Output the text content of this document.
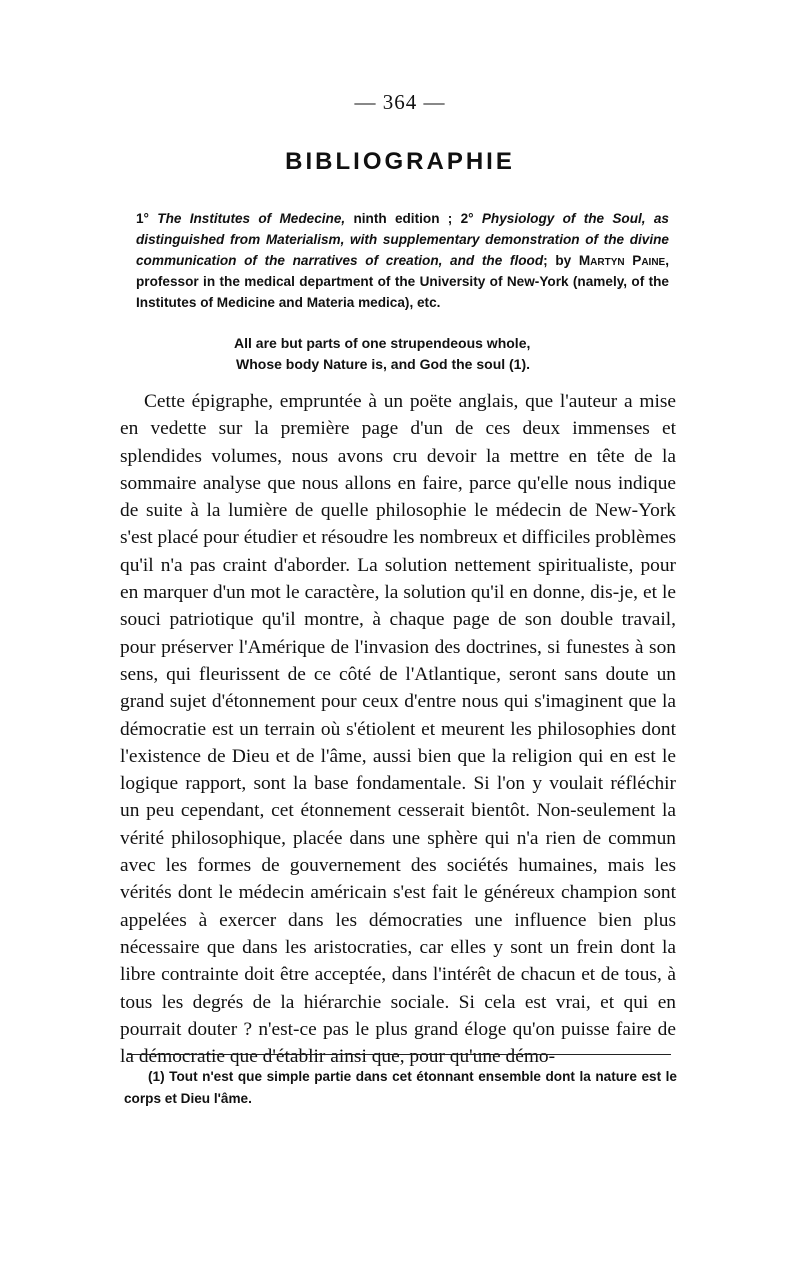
— 364 —
BIBLIOGRAPHIE

1° The Institutes of Medecine, ninth edition ; 2° Physiology of the Soul, as distinguished from Materialism, with supplementary demonstration of the divine communication of the narratives of creation, and the flood; by Martyn Paine, professor in the medical department of the University of New-York (namely, of the Institutes of Medicine and Materia medica), etc.

All are but parts of one strupendeous whole,
Whose body Nature is, and God the soul (1).

Cette épigraphe, empruntée à un poëte anglais, que l'auteur a mise en vedette sur la première page d'un de ces deux immenses et splendides volumes, nous avons cru devoir la mettre en tête de la sommaire analyse que nous allons en faire, parce qu'elle nous indique de suite à la lumière de quelle philosophie le médecin de New-York s'est placé pour étudier et résoudre les nombreux et difficiles problèmes qu'il n'a pas craint d'aborder. La solution nettement spiritualiste, pour en marquer d'un mot le caractère, la solution qu'il en donne, dis-je, et le souci patriotique qu'il montre, à chaque page de son double travail, pour préserver l'Amérique de l'invasion des doctrines, si funestes à son sens, qui fleurissent de ce côté de l'Atlantique, seront sans doute un grand sujet d'étonnement pour ceux d'entre nous qui s'imaginent que la démocratie est un terrain où s'étiolent et meurent les philosophies dont l'existence de Dieu et de l'âme, aussi bien que la religion qui en est le logique rapport, sont la base fondamentale. Si l'on y voulait réfléchir un peu cependant, cet étonnement cesserait bientôt. Non-seulement la vérité philosophique, placée dans une sphère qui n'a rien de commun avec les formes de gouvernement des sociétés humaines, mais les vérités dont le médecin américain s'est fait le généreux champion sont appelées à exercer dans les démocraties une influence bien plus nécessaire que dans les aristocraties, car elles y sont un frein dont la libre contrainte doit être acceptée, dans l'intérêt de chacun et de tous, à tous les degrés de la hiérarchie sociale. Si cela est vrai, et qui en pourrait douter ? n'est-ce pas le plus grand éloge qu'on puisse faire de la démocratie que d'établir ainsi que, pour qu'une démo-

(1) Tout n'est que simple partie dans cet étonnant ensemble dont la nature est le corps et Dieu l'âme.
